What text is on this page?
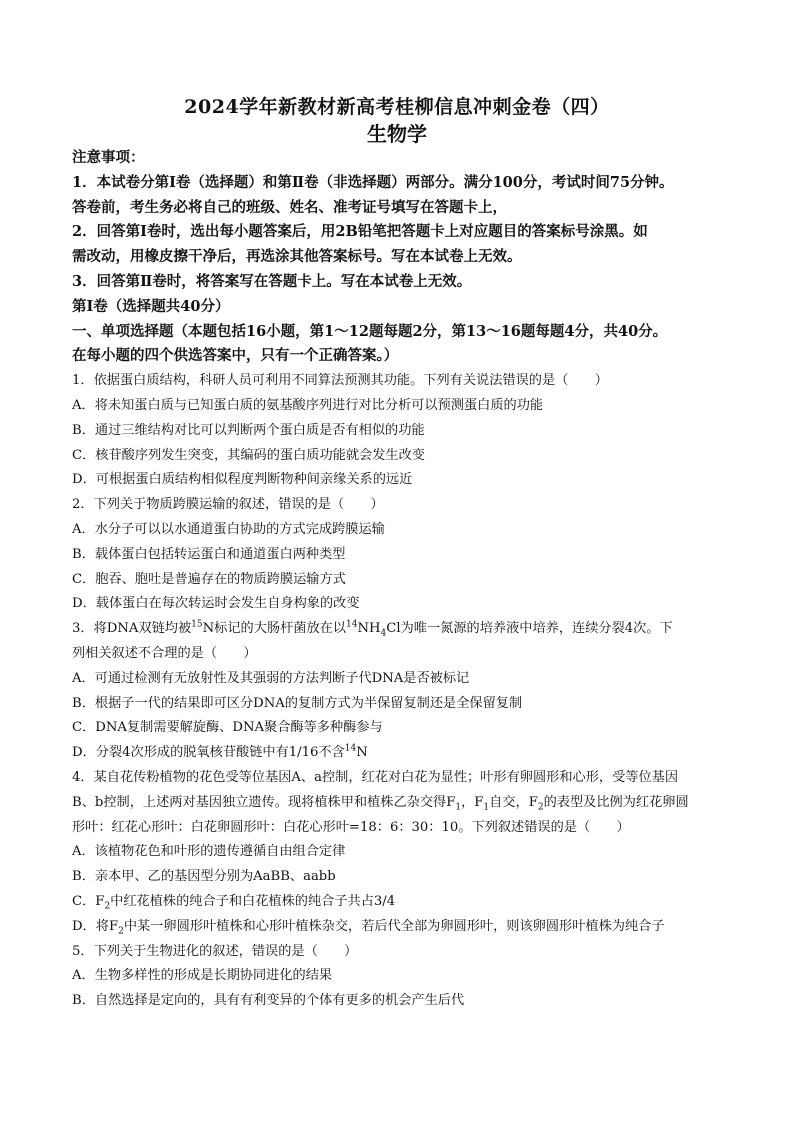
2024学年新教材新高考桂柳信息冲刺金卷（四）
生物学
注意事项：
1．本试卷分第Ⅰ卷（选择题）和第Ⅱ卷（非选择题）两部分。满分100分，考试时间75分钟。
答卷前，考生务必将自己的班级、姓名、准考证号填写在答题卡上，
2．回答第Ⅰ卷时，选出每小题答案后，用2B铅笔把答题卡上对应题目的答案标号涂黑。如
需改动，用橡皮擦干净后，再选涂其他答案标号。写在本试卷上无效。
3．回答第Ⅱ卷时，将答案写在答题卡上。写在本试卷上无效。
第Ⅰ卷（选择题共40分）
一、单项选择题（本题包括16小题，第1～12题每题2分，第13～16题每题4分，共40分。
在每小题的四个供选答案中，只有一个正确答案。）
1．依据蛋白质结构，科研人员可利用不同算法预测其功能。下列有关说法错误的是（　　）
A．将未知蛋白质与已知蛋白质的氨基酸序列进行对比分析可以预测蛋白质的功能
B．通过三维结构对比可以判断两个蛋白质是否有相似的功能
C．核苷酸序列发生突变，其编码的蛋白质功能就会发生改变
D．可根据蛋白质结构相似程度判断物种间亲缘关系的远近
2．下列关于物质跨膜运输的叙述，错误的是（　　）
A．水分子可以以水通道蛋白协助的方式完成跨膜运输
B．载体蛋白包括转运蛋白和通道蛋白两种类型
C．胞吞、胞吐是普遍存在的物质跨膜运输方式
D．载体蛋白在每次转运时会发生自身构象的改变
3．将DNA双链均被$^{15}$N标记的大肠杆菌放在以$^{14}NH_4Cl$为唯一氮源的培养液中培养，连续分裂4次。下
列相关叙述不合理的是（　　）
A．可通过检测有无放射性及其强弱的方法判断子代DNA是否被标记
B．根据子一代的结果即可区分DNA的复制方式为半保留复制还是全保留复制
C．DNA复制需要解旋酶、DNA聚合酶等多种酶参与
D．分裂4次形成的脱氧核苷酸链中有1/16不含$^{14}$N
4．某自花传粉植物的花色受等位基因A、a控制，红花对白花为显性；叶形有卵圆形和心形，受等位基因
B、b控制，上述两对基因独立遗传。现将植株甲和植株乙杂交得$F_1$，$F_1$自交，$F_2$的表型及比例为红花卵圆
形叶：红花心形叶：白花卵圆形叶：白花心形叶=18：6：30：10。下列叙述错误的是（　　）
A．该植物花色和叶形的遗传遵循自由组合定律
B．亲本甲、乙的基因型分别为AaBB、aabb
C．$F_2$中红花植株的纯合子和白花植株的纯合子共占3/4
D．将$F_2$中某一卵圆形叶植株和心形叶植株杂交，若后代全部为卵圆形叶，则该卵圆形叶植株为纯合子
5．下列关于生物进化的叙述，错误的是（　　）
A．生物多样性的形成是长期协同进化的结果
B．自然选择是定向的，具有有利变异的个体有更多的机会产生后代
